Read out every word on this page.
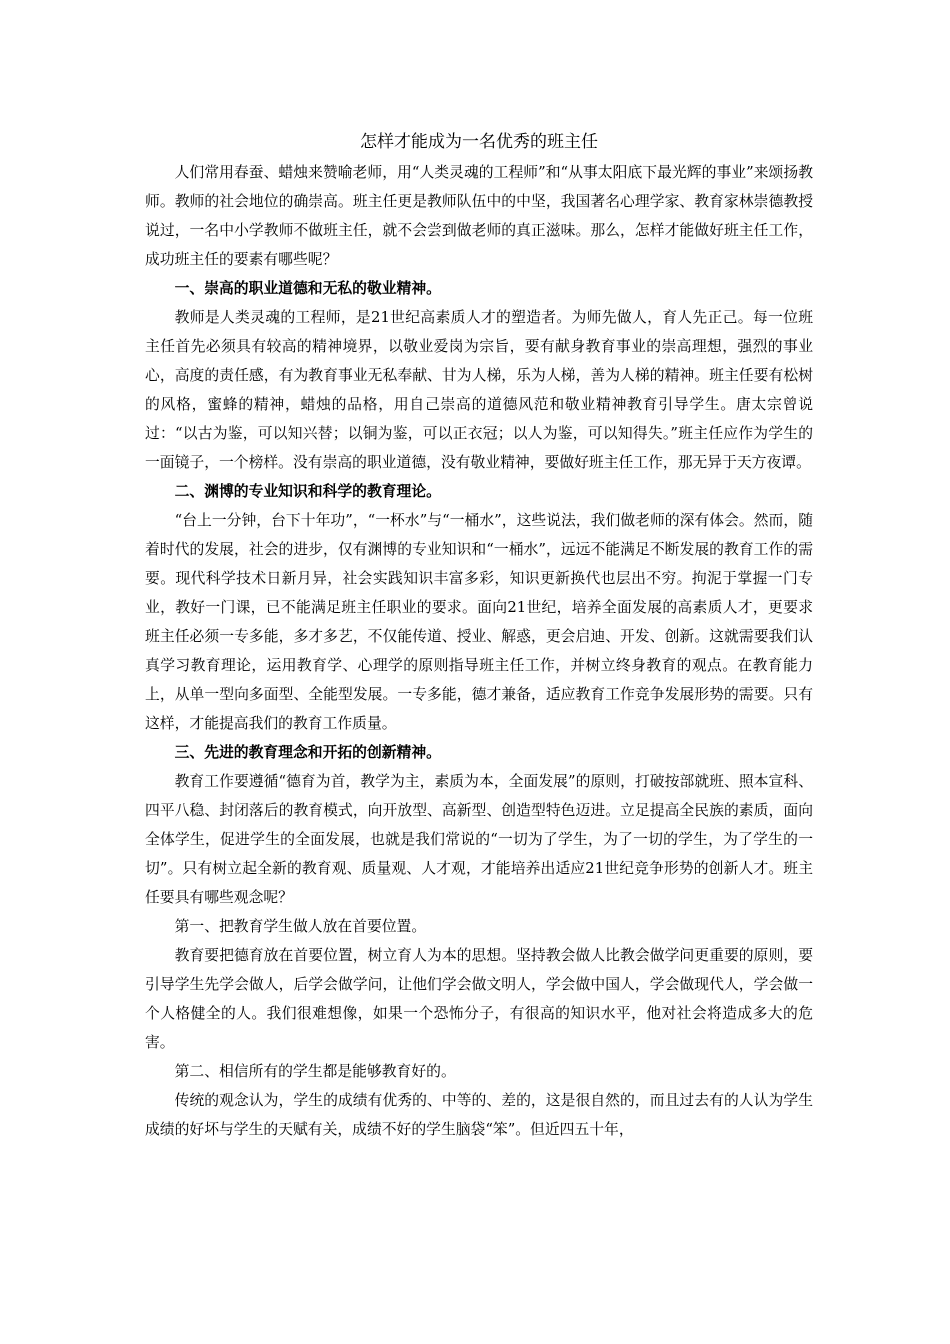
怎样才能成为一名优秀的班主任

人们常用春蚕、蜡烛来赞喻老师，用“人类灵魂的工程师”和“从事太阳底下最光辉的事业”来颂扬教师。教师的社会地位的确崇高。班主任更是教师队伍中的中坚，我国著名心理学家、教育家林崇德教授说过，一名中小学教师不做班主任，就不会尝到做老师的真正滋味。那么，怎样才能做好班主任工作，成功班主任的要素有哪些呢？

一、崇高的职业道德和无私的敬业精神。

教师是人类灵魂的工程师，是21世纪高素质人才的塑造者。为师先做人，育人先正己。每一位班主任首先必须具有较高的精神境界，以敬业爱岗为宗旨，要有献身教育事业的崇高理想，强烈的事业心，高度的责任感，有为教育事业无私奉献、甘为人梯，乐为人梯，善为人梯的精神。班主任要有松树的风格，蜜蜂的精神，蜡烛的品格，用自己崇高的道德风范和敬业精神教育引导学生。唐太宗曾说过：“以古为鉴，可以知兴替；以铜为鉴，可以正衣冠；以人为鉴，可以知得失。”班主任应作为学生的一面镜子，一个榜样。没有崇高的职业道德，没有敬业精神，要做好班主任工作，那无异于天方夜谭。

二、渊博的专业知识和科学的教育理论。

“台上一分钟，台下十年功”，“一杯水”与“一桶水”，这些说法，我们做老师的深有体会。然而，随着时代的发展，社会的进步，仅有渊博的专业知识和“一桶水”，远远不能满足不断发展的教育工作的需要。现代科学技术日新月异，社会实践知识丰富多彩，知识更新换代也层出不穷。拘泥于掌握一门专业，教好一门课，已不能满足班主任职业的要求。面向21世纪，培养全面发展的高素质人才，更要求班主任必须一专多能，多才多艺，不仅能传道、授业、解惑，更会启迪、开发、创新。这就需要我们认真学习教育理论，运用教育学、心理学的原则指导班主任工作，并树立终身教育的观点。在教育能力上，从单一型向多面型、全能型发展。一专多能，德才兼备，适应教育工作竞争发展形势的需要。只有这样，才能提高我们的教育工作质量。

三、先进的教育理念和开拓的创新精神。

教育工作要遵循“德育为首，教学为主，素质为本，全面发展”的原则，打破按部就班、照本宣科、四平八稳、封闭落后的教育模式，向开放型、高新型、创造型特色迈进。立足提高全民族的素质，面向全体学生，促进学生的全面发展，也就是我们常说的“一切为了学生，为了一切的学生，为了学生的一切”。只有树立起全新的教育观、质量观、人才观，才能培养出适应21世纪竞争形势的创新人才。班主任要具有哪些观念呢？

第一、把教育学生做人放在首要位置。

教育要把德育放在首要位置，树立育人为本的思想。坚持教会做人比教会做学问更重要的原则，要引导学生先学会做人，后学会做学问，让他们学会做文明人，学会做中国人，学会做现代人，学会做一个人格健全的人。我们很难想像，如果一个恐怖分子，有很高的知识水平，他对社会将造成多大的危害。

第二、相信所有的学生都是能够教育好的。

传统的观念认为，学生的成绩有优秀的、中等的、差的，这是很自然的，而且过去有的人认为学生成绩的好坏与学生的天赋有关，成绩不好的学生脑袋“笨”。但近四五十年，
